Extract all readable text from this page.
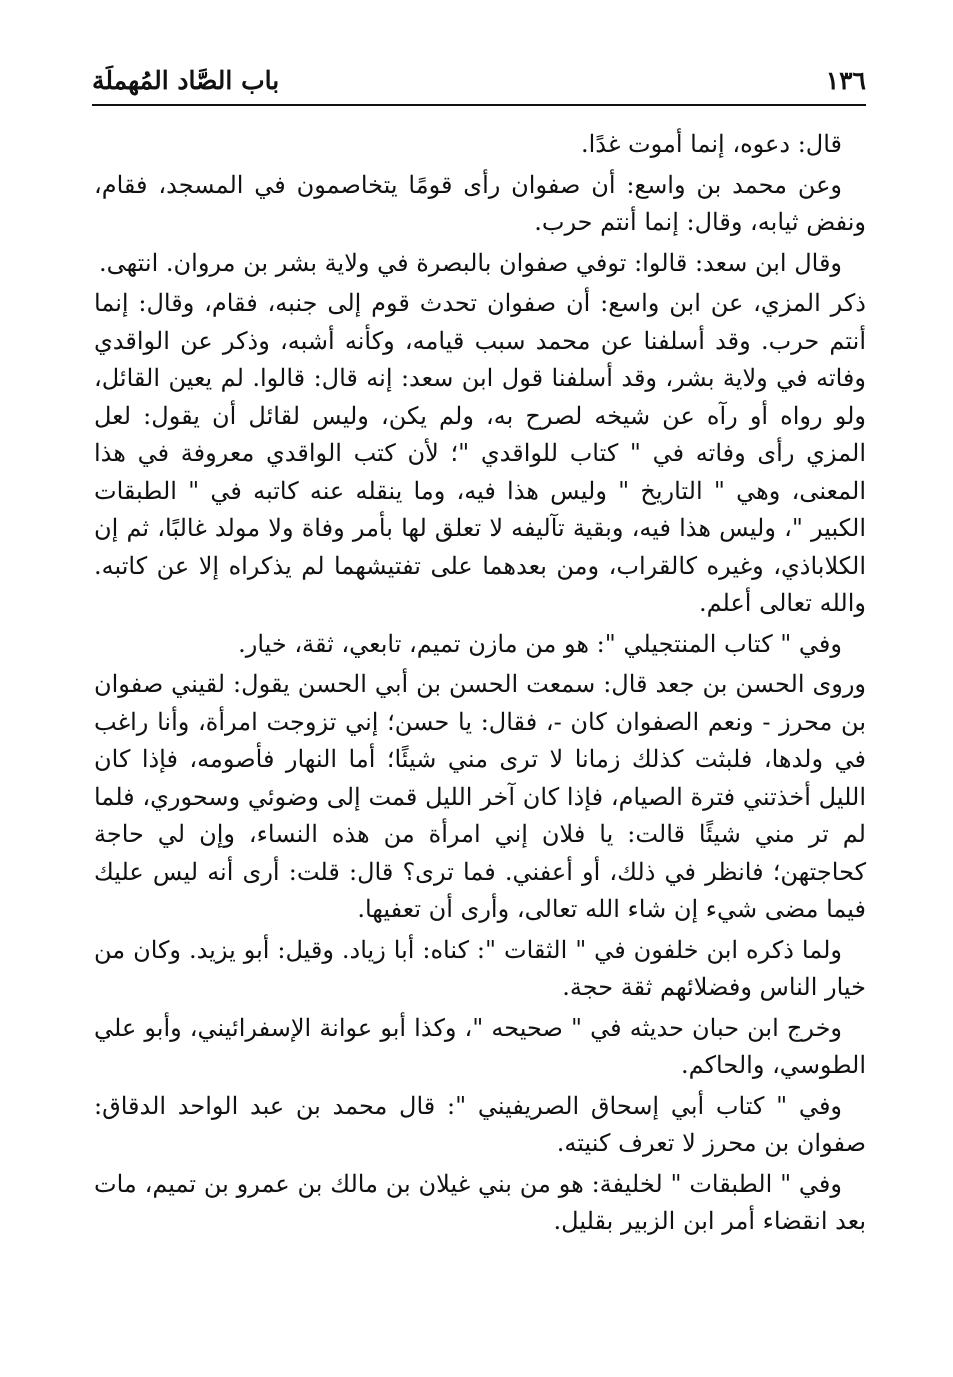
١٣٦
باب الصَّاد المُهملَة

قال: دعوه، إنما أموت غدًا.

وعن محمد بن واسع: أن صفوان رأى قومًا يتخاصمون في المسجد، فقام، ونفض ثيابه، وقال: إنما أنتم حرب.

وقال ابن سعد: قالوا: توفي صفوان بالبصرة في ولاية بشر بن مروان. انتهى.

ذكر المزي، عن ابن واسع: أن صفوان تحدث قوم إلى جنبه، فقام، وقال: إنما أنتم حرب. وقد أسلفنا عن محمد سبب قيامه، وكأنه أشبه، وذكر عن الواقدي وفاته في ولاية بشر، وقد أسلفنا قول ابن سعد: إنه قال: قالوا. لم يعين القائل، ولو رواه أو رآه عن شيخه لصرح به، ولم يكن، وليس لقائل أن يقول: لعل المزي رأى وفاته في " كتاب للواقدي "؛ لأن كتب الواقدي معروفة في هذا المعنى، وهي " التاريخ " وليس هذا فيه، وما ينقله عنه كاتبه في " الطبقات الكبير "، وليس هذا فيه، وبقية تآليفه لا تعلق لها بأمر وفاة ولا مولد غالبًا، ثم إن الكلاباذي، وغيره كالقراب، ومن بعدهما على تفتيشهما لم يذكراه إلا عن كاتبه. والله تعالى أعلم.

وفي " كتاب المنتجيلي ": هو من مازن تميم، تابعي، ثقة، خيار.

وروى الحسن بن جعد قال: سمعت الحسن بن أبي الحسن يقول: لقيني صفوان بن محرز - ونعم الصفوان كان -، فقال: يا حسن؛ إني تزوجت امرأة، وأنا راغب في ولدها، فلبثت كذلك زمانا لا ترى مني شيئًا؛ أما النهار فأصومه، فإذا كان الليل أخذتني فترة الصيام، فإذا كان آخر الليل قمت إلى وضوئي وسحوري، فلما لم تر مني شيئًا قالت: يا فلان إني امرأة من هذه النساء، وإن لي حاجة كحاجتهن؛ فانظر في ذلك، أو أعفني. فما ترى؟ قال: قلت: أرى أنه ليس عليك فيما مضى شيء إن شاء الله تعالى، وأرى أن تعفيها.

ولما ذكره ابن خلفون في " الثقات ": كناه: أبا زياد. وقيل: أبو يزيد. وكان من خيار الناس وفضلائهم ثقة حجة.

وخرج ابن حبان حديثه في " صحيحه "، وكذا أبو عوانة الإسفرائيني، وأبو علي الطوسي، والحاكم.

وفي " كتاب أبي إسحاق الصريفيني ": قال محمد بن عبد الواحد الدقاق: صفوان بن محرز لا تعرف كنيته.

وفي " الطبقات " لخليفة: هو من بني غيلان بن مالك بن عمرو بن تميم، مات بعد انقضاء أمر ابن الزبير بقليل.
